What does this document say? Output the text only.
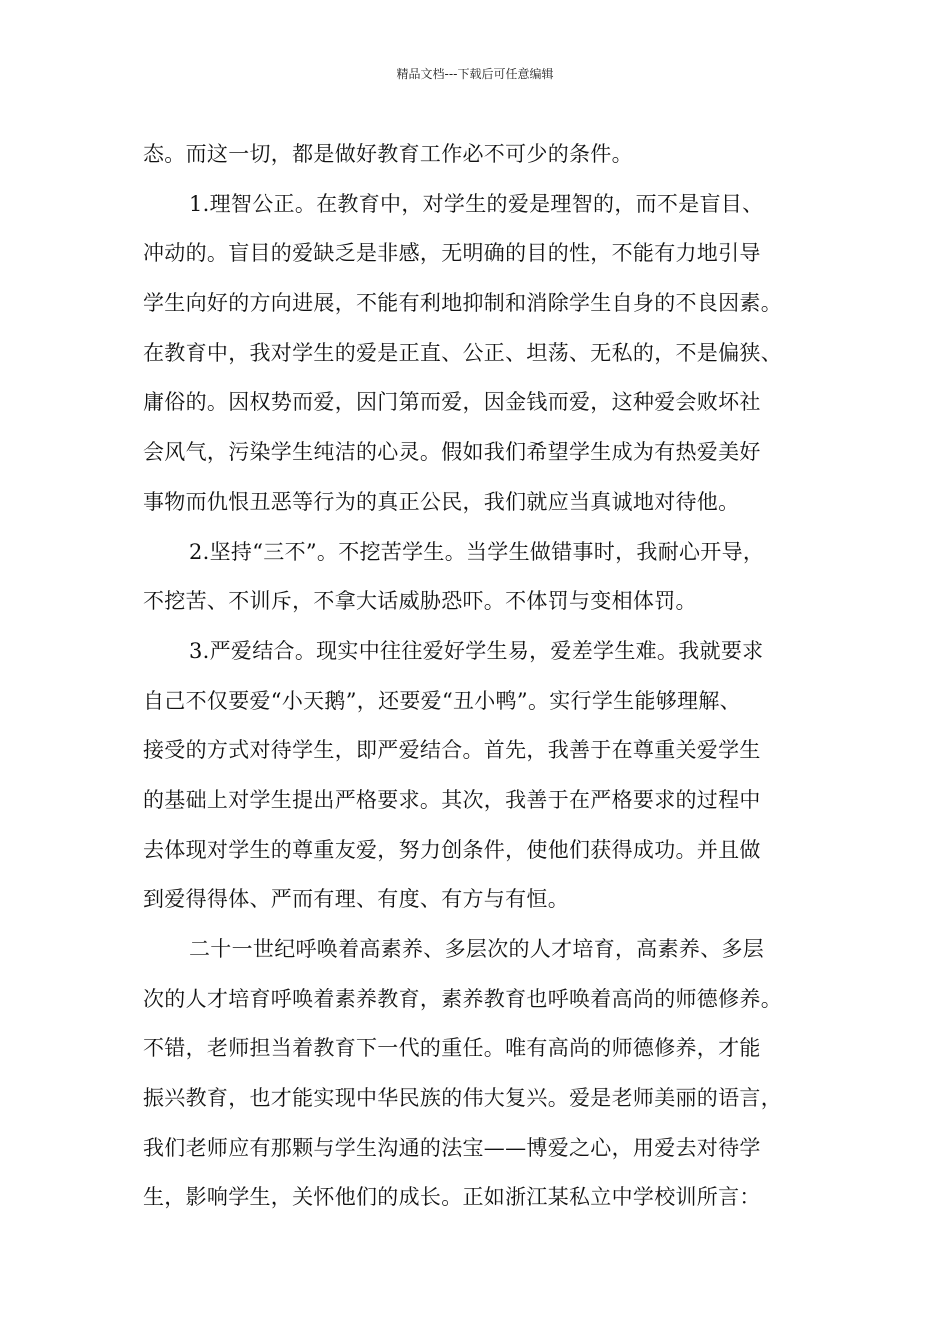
精品文档---下载后可任意编辑
态。而这一切，都是做好教育工作必不可少的条件。
1.理智公正。在教育中，对学生的爱是理智的，而不是盲目、
冲动的。盲目的爱缺乏是非感，无明确的目的性，不能有力地引导
学生向好的方向进展，不能有利地抑制和消除学生自身的不良因素。
在教育中，我对学生的爱是正直、公正、坦荡、无私的，不是偏狭、
庸俗的。因权势而爱，因门第而爱，因金钱而爱，这种爱会败坏社
会风气，污染学生纯洁的心灵。假如我们希望学生成为有热爱美好
事物而仇恨丑恶等行为的真正公民，我们就应当真诚地对待他。
2.坚持“三不”。不挖苦学生。当学生做错事时，我耐心开导，
不挖苦、不训斥，不拿大话威胁恐吓。不体罚与变相体罚。
3.严爱结合。现实中往往爱好学生易，爱差学生难。我就要求
自己不仅要爱“小天鹅”，还要爱“丑小鸭”。实行学生能够理解、
接受的方式对待学生，即严爱结合。首先，我善于在尊重关爱学生
的基础上对学生提出严格要求。其次，我善于在严格要求的过程中
去体现对学生的尊重友爱，努力创条件，使他们获得成功。并且做
到爱得得体、严而有理、有度、有方与有恒。
二十一世纪呼唤着高素养、多层次的人才培育，高素养、多层
次的人才培育呼唤着素养教育，素养教育也呼唤着高尚的师德修养。
不错，老师担当着教育下一代的重任。唯有高尚的师德修养，才能
振兴教育，也才能实现中华民族的伟大复兴。爱是老师美丽的语言，
我们老师应有那颗与学生沟通的法宝——博爱之心，用爱去对待学
生，影响学生，关怀他们的成长。正如浙江某私立中学校训所言：
